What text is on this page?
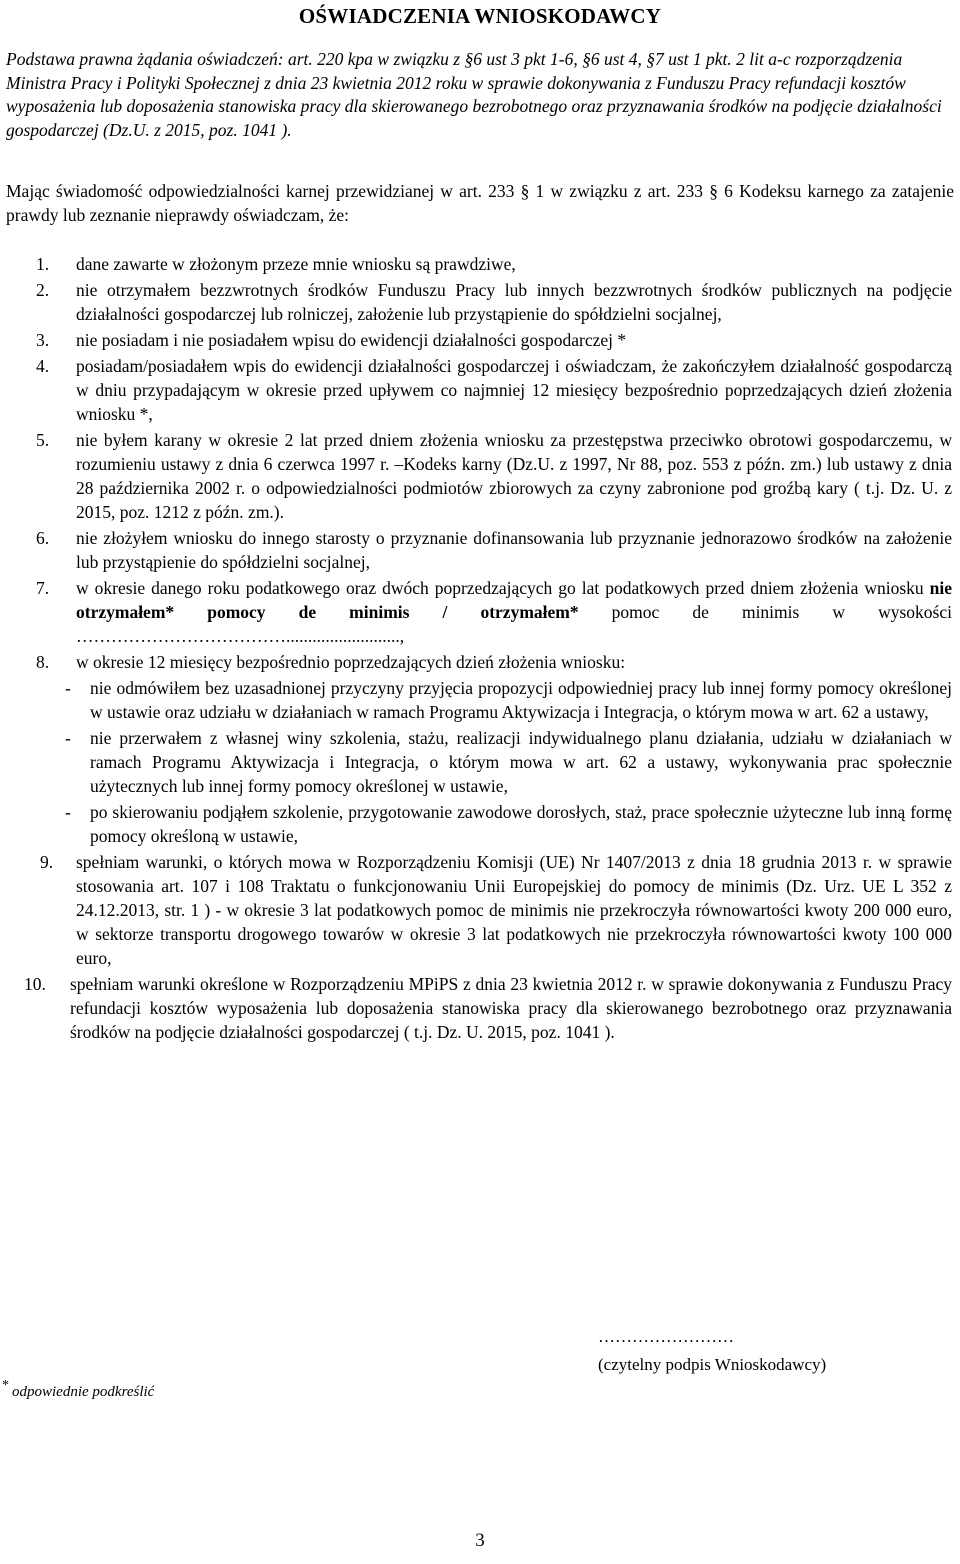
OŚWIADCZENIA WNIOSKODAWCY
Podstawa prawna żądania oświadczeń: art. 220 kpa w związku z §6 ust 3 pkt 1-6, §6 ust 4, §7 ust 1 pkt. 2 lit a-c rozporządzenia Ministra Pracy i Polityki Społecznej z dnia 23 kwietnia 2012 roku w sprawie dokonywania z Funduszu Pracy refundacji kosztów wyposażenia lub doposażenia stanowiska pracy dla skierowanego bezrobotnego oraz przyznawania środków na podjęcie działalności gospodarczej (Dz.U. z 2015, poz. 1041 ).
Mając świadomość odpowiedzialności karnej przewidzianej w art. 233 § 1 w związku z art. 233 § 6 Kodeksu karnego za zatajenie prawdy lub zeznanie nieprawdy oświadczam, że:
1. dane zawarte w złożonym przeze mnie wniosku są prawdziwe,
2. nie otrzymałem bezzwrotnych środków Funduszu Pracy lub innych bezzwrotnych środków publicznych na podjęcie działalności gospodarczej lub rolniczej, założenie lub przystąpienie do spółdzielni socjalnej,
3. nie posiadam i nie posiadałem wpisu do ewidencji działalności gospodarczej *
4. posiadam/posiadałem wpis do ewidencji działalności gospodarczej i oświadczam, że zakończyłem działalność gospodarczą w dniu przypadającym w okresie przed upływem co najmniej 12 miesięcy bezpośrednio poprzedzających dzień złożenia wniosku *,
5. nie byłem karany w okresie 2 lat przed dniem złożenia wniosku za przestępstwa przeciwko obrotowi gospodarczemu, w rozumieniu ustawy z dnia 6 czerwca 1997 r. –Kodeks karny (Dz.U. z 1997, Nr 88, poz. 553 z późn. zm.) lub ustawy z dnia 28 października 2002 r. o odpowiedzialności podmiotów zbiorowych za czyny zabronione pod groźbą kary ( t.j. Dz. U. z 2015, poz. 1212 z późn. zm.).
6. nie złożyłem wniosku do innego starosty o przyznanie dofinansowania lub przyznanie jednorazowo środków na założenie lub przystąpienie do spółdzielni socjalnej,
7. w okresie danego roku podatkowego oraz dwóch poprzedzających go lat podatkowych przed dniem złożenia wniosku nie otrzymałem* pomocy de minimis / otrzymałem* pomoc de minimis w wysokości ………………………………..........................,
8. w okresie 12 miesięcy bezpośrednio poprzedzających dzień złożenia wniosku:
- nie odmówiłem bez uzasadnionej przyczyny przyjęcia propozycji odpowiedniej pracy lub innej formy pomocy określonej w ustawie oraz udziału w działaniach w ramach Programu Aktywizacja i Integracja, o którym mowa w art. 62 a ustawy,
- nie przerwałem z własnej winy szkolenia, stażu, realizacji indywidualnego planu działania, udziału w działaniach w ramach Programu Aktywizacja i Integracja, o którym mowa w art. 62 a ustawy, wykonywania prac społecznie użytecznych lub innej formy pomocy określonej w ustawie,
- po skierowaniu podjąłem szkolenie, przygotowanie zawodowe dorosłych, staż, prace społecznie użyteczne lub inną formę pomocy określoną w ustawie,
9. spełniam warunki, o których mowa w Rozporządzeniu Komisji (UE) Nr 1407/2013 z dnia 18 grudnia 2013 r. w sprawie stosowania art. 107 i 108 Traktatu o funkcjonowaniu Unii Europejskiej do pomocy de minimis (Dz. Urz. UE L 352 z 24.12.2013, str. 1 ) - w okresie 3 lat podatkowych pomoc de minimis nie przekroczyła równowartości kwoty 200 000 euro, w sektorze transportu drogowego towarów w okresie 3 lat podatkowych nie przekroczyła równowartości kwoty 100 000 euro,
10. spełniam warunki określone w Rozporządzeniu MPiPS z dnia 23 kwietnia 2012 r. w sprawie dokonywania z Funduszu Pracy refundacji kosztów wyposażenia lub doposażenia stanowiska pracy dla skierowanego bezrobotnego oraz przyznawania środków na podjęcie działalności gospodarczej ( t.j. Dz. U. 2015, poz. 1041 ).
……………………
(czytelny podpis Wnioskodawcy)
* odpowiednie podkreślić
3
